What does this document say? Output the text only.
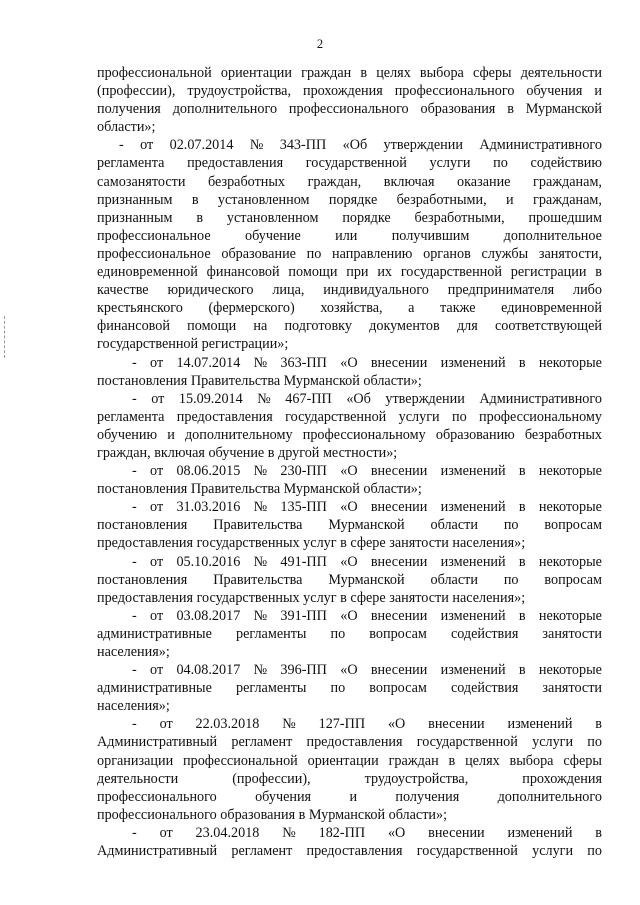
2
профессиональной ориентации граждан в целях выбора сферы деятельности
(профессии), трудоустройства, прохождения профессионального обучения и
получения дополнительного профессионального образования в Мурманской
области»;
- от 02.07.2014 № 343-ПП «Об утверждении Административного
регламента предоставления государственной услуги по содействию
самозанятости безработных граждан, включая оказание гражданам,
признанным в установленном порядке безработными, и гражданам,
признанным в установленном порядке безработными, прошедшим
профессиональное обучение или получившим дополнительное
профессиональное образование по направлению органов службы занятости,
единовременной финансовой помощи при их государственной регистрации в
качестве юридического лица, индивидуального предпринимателя либо
крестьянского (фермерского) хозяйства, а также единовременной
финансовой помощи на подготовку документов для соответствующей
государственной регистрации»;
- от 14.07.2014 № 363-ПП «О внесении изменений в некоторые
постановления Правительства Мурманской области»;
- от 15.09.2014 № 467-ПП «Об утверждении Административного
регламента предоставления государственной услуги по профессиональному
обучению и дополнительному профессиональному образованию безработных
граждан, включая обучение в другой местности»;
- от 08.06.2015 № 230-ПП «О внесении изменений в некоторые
постановления Правительства Мурманской области»;
- от 31.03.2016 № 135-ПП «О внесении изменений в некоторые
постановления Правительства Мурманской области по вопросам
предоставления государственных услуг в сфере занятости населения»;
- от 05.10.2016 № 491-ПП «О внесении изменений в некоторые
постановления Правительства Мурманской области по вопросам
предоставления государственных услуг в сфере занятости населения»;
- от 03.08.2017 № 391-ПП «О внесении изменений в некоторые
административные регламенты по вопросам содействия занятости
населения»;
- от 04.08.2017 № 396-ПП «О внесении изменений в некоторые
административные регламенты по вопросам содействия занятости
населения»;
- от 22.03.2018 № 127-ПП «О внесении изменений в
Административный регламент предоставления государственной услуги по
организации профессиональной ориентации граждан в целях выбора сферы
деятельности	(профессии),	трудоустройства,	прохождения
профессионального	обучения	и	получения	дополнительного
профессионального образования в Мурманской области»;
- от 23.04.2018 № 182-ПП «О внесении изменений в
Административный регламент предоставления государственной услуги по
